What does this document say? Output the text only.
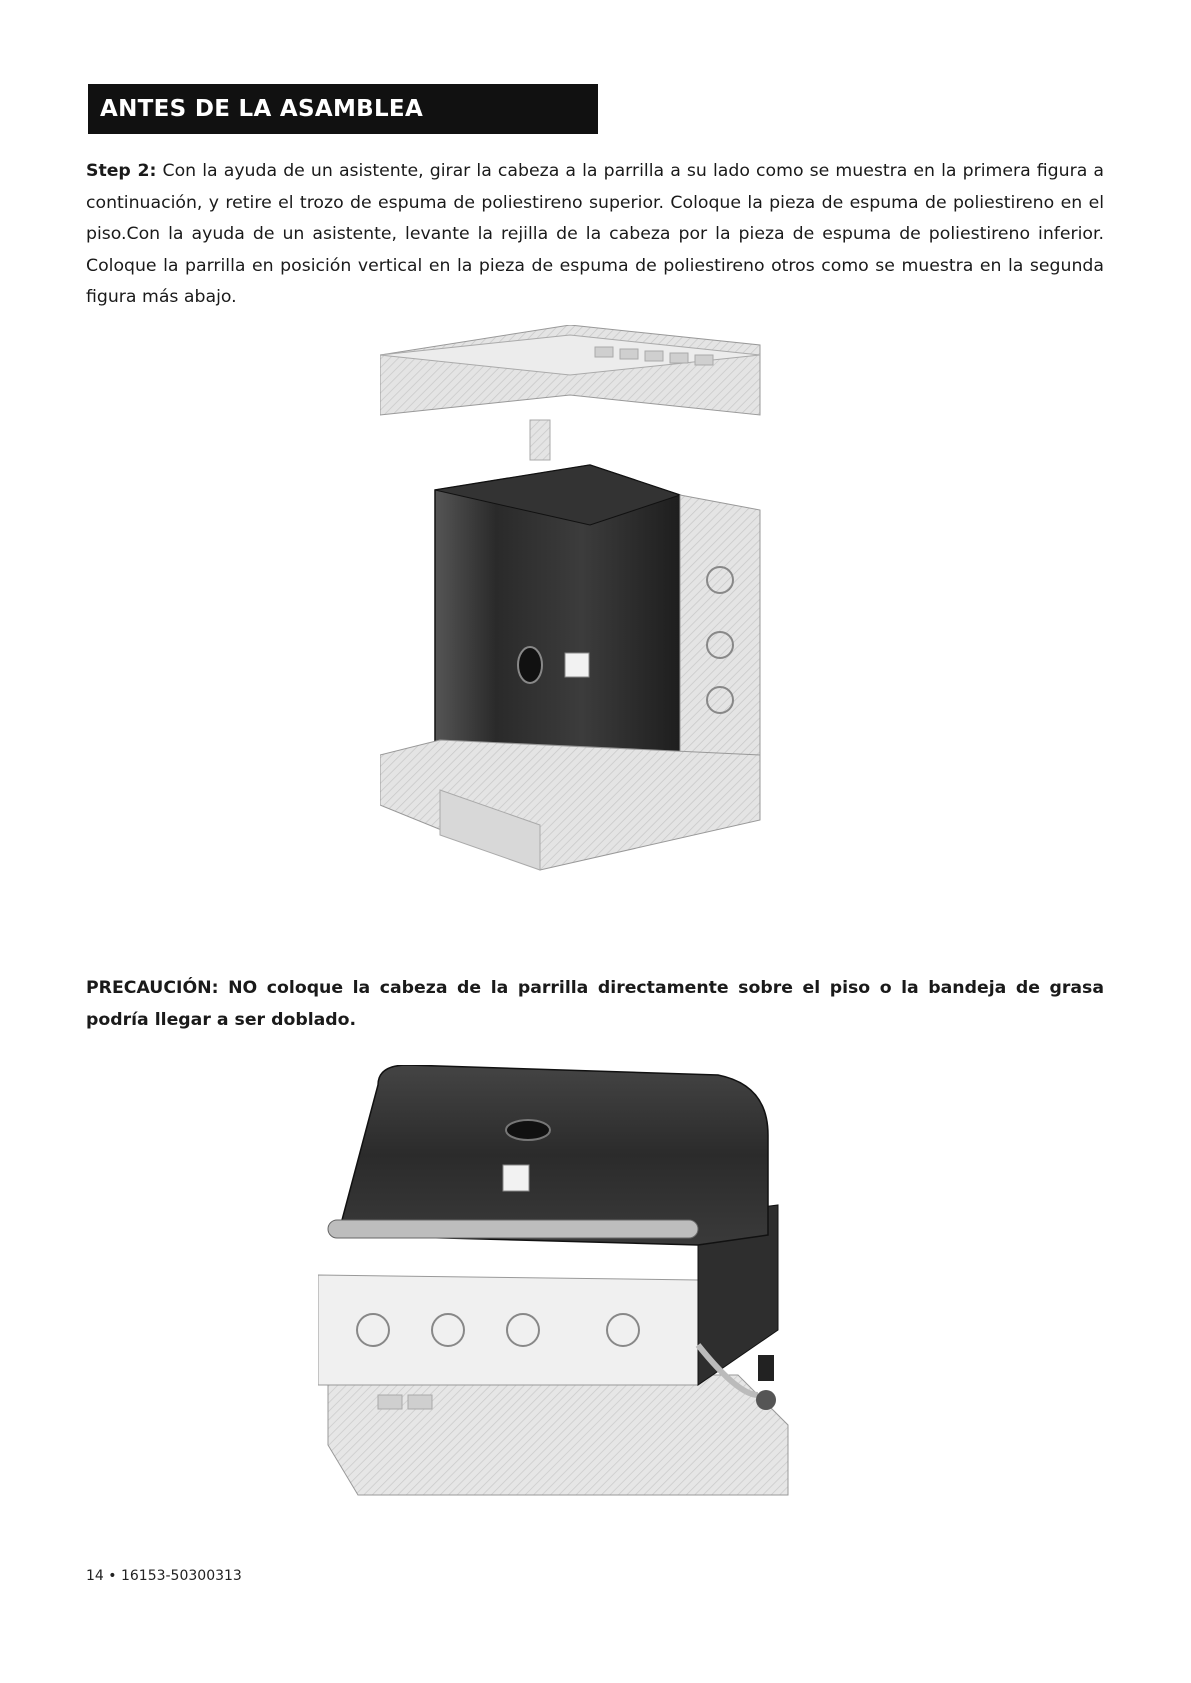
ANTES DE LA ASAMBLEA

Step 2: Con la ayuda de un asistente, girar la cabeza a la parrilla a su lado como se muestra en la primera figura a continuación, y retire el trozo de espuma de poliestireno superior. Coloque la pieza de espuma de poliestireno en el piso.Con la ayuda de un asistente, levante la rejilla de la cabeza por la pieza de espuma de poliestireno inferior. Coloque la parrilla en posición vertical en la pieza de espuma de poliestireno otros como se muestra en la segunda figura más abajo.

PRECAUCIÓN: NO coloque la cabeza de la parrilla directamente sobre el piso o la bandeja de grasa podría llegar a ser doblado.

14 • 16153-50300313
